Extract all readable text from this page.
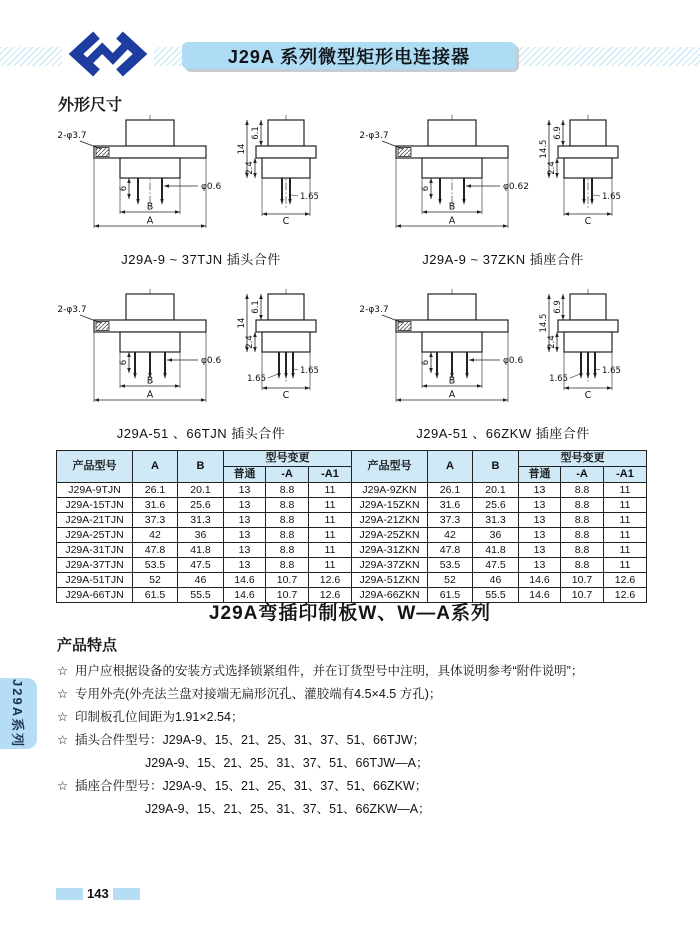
J29A 系列微型矩形电连接器
外形尺寸
6	φ0.6
2-φ3.7
B
A
14
6.1
2.4
1.65
C
J29A-9 ~ 37TJN 插头合件
6	φ0.62
2-φ3.7
B
A
14.5
6.9
2.4
1.65
C
J29A-9 ~ 37ZKN 插座合件
6	φ0.6
2-φ3.7
B
A
14
6.1
2.4
1.65
1.65
C
J29A-51 、66TJN 插头合件
6	φ0.6
2-φ3.7
B
A
14.5
6.9
2.4
1.65
1.65
C
J29A-51 、66ZKW 插座合件
产品型号	A	B	型号变更			产品型号	A	B	型号变更		
			普通	-A	-A1				普通	-A	-A1
J29A-9TJN	26.1	20.1	13	8.8	11	J29A-9ZKN	26.1	20.1	13	8.8	11
J29A-15TJN	31.6	25.6	13	8.8	11	J29A-15ZKN	31.6	25.6	13	8.8	11
J29A-21TJN	37.3	31.3	13	8.8	11	J29A-21ZKN	37.3	31.3	13	8.8	11
J29A-25TJN	42	36	13	8.8	11	J29A-25ZKN	42	36	13	8.8	11
J29A-31TJN	47.8	41.8	13	8.8	11	J29A-31ZKN	47.8	41.8	13	8.8	11
J29A-37TJN	53.5	47.5	13	8.8	11	J29A-37ZKN	53.5	47.5	13	8.8	11
J29A-51TJN	52	46	14.6	10.7	12.6	J29A-51ZKN	52	46	14.6	10.7	12.6
J29A-66TJN	61.5	55.5	14.6	10.7	12.6	J29A-66ZKN	61.5	55.5	14.6	10.7	12.6
J29A弯插印制板W、W—A系列
产品特点
☆ 用户应根据设备的安装方式选择锁紧组件，并在订货型号中注明，具体说明参考“附件说明”；
☆ 专用外壳(外壳法兰盘对接端无扁形沉孔、灌胶端有4.5×4.5 方孔)；
☆ 印制板孔位间距为1.91×2.54；
☆ 插头合件型号：J29A-9、15、21、25、31、37、51、66TJW；
J29A-9、15、21、25、31、37、51、66TJW—A；
☆ 插座合件型号：J29A-9、15、21、25、31、37、51、66ZKW；
J29A-9、15、21、25、31、37、51、66ZKW—A；
J29A系列
143
